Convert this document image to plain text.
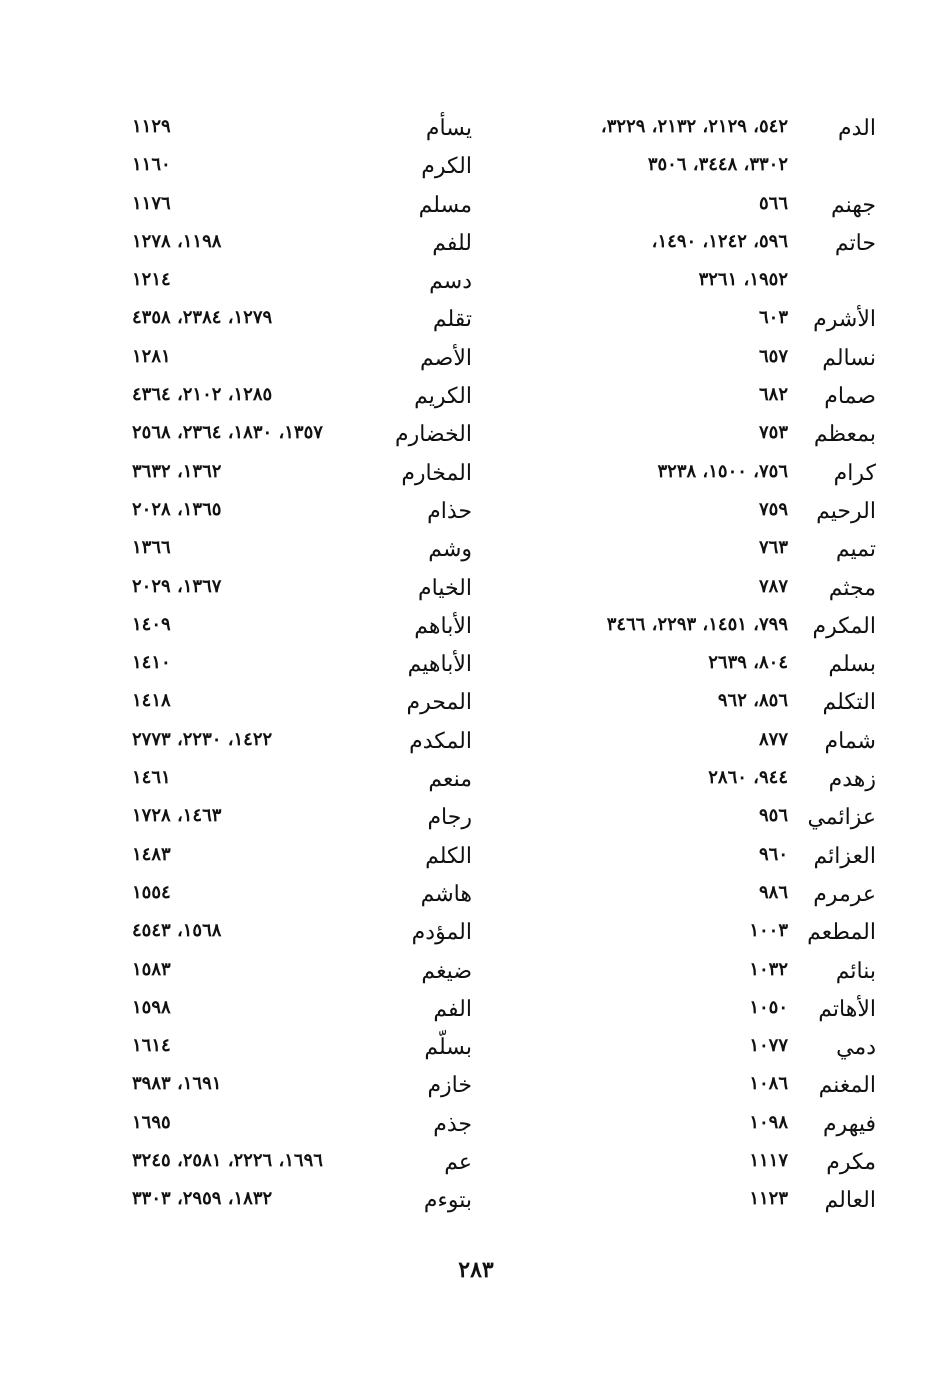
الدم
٥٤٢، ٢١٢٩، ٢١٣٢، ٣٢٢٩،
يسأم
١١٢٩
٣٣٠٢، ٣٤٤٨، ٣٥٠٦
الكرم
١١٦٠
جهنم
٥٦٦
مسلم
١١٧٦
حاتم
٥٩٦، ١٢٤٢، ١٤٩٠،
للفم
١١٩٨، ١٢٧٨
١٩٥٢، ٣٢٦١
دسم
١٢١٤
الأشرم
٦٠٣
تقلم
١٢٧٩، ٢٣٨٤، ٤٣٥٨
نسالم
٦٥٧
الأصم
١٢٨١
صمام
٦٨٢
الكريم
١٢٨٥، ٢١٠٢، ٤٣٦٤
بمعظم
٧٥٣
الخضارم
١٣٥٧، ١٨٣٠، ٢٣٦٤، ٢٥٦٨
كرام
٧٥٦، ١٥٠٠، ٣٢٣٨
المخارم
١٣٦٢، ٣٦٣٢
الرحيم
٧٥٩
حذام
١٣٦٥، ٢٠٢٨
تميم
٧٦٣
وشم
١٣٦٦
مجثم
٧٨٧
الخيام
١٣٦٧، ٢٠٢٩
المكرم
٧٩٩، ١٤٥١، ٢٢٩٣، ٣٤٦٦
الأباهم
١٤٠٩
بسلم
٨٠٤، ٢٦٣٩
الأباهيم
١٤١٠
التكلم
٨٥٦، ٩٦٢
المحرم
١٤١٨
شمام
٨٧٧
المكدم
١٤٢٢، ٢٢٣٠، ٢٧٧٣
زهدم
٩٤٤، ٢٨٦٠
منعم
١٤٦١
عزائمي
٩٥٦
رجام
١٤٦٣، ١٧٢٨
العزائم
٩٦٠
الكلم
١٤٨٣
عرمرم
٩٨٦
هاشم
١٥٥٤
المطعم
١٠٠٣
المؤدم
١٥٦٨، ٤٥٤٣
بنائم
١٠٣٢
ضيغم
١٥٨٣
الأهاتم
١٠٥٠
الفم
١٥٩٨
دمي
١٠٧٧
بسلّم
١٦١٤
المغنم
١٠٨٦
خازم
١٦٩١، ٣٩٨٣
فيهرم
١٠٩٨
جذم
١٦٩٥
مكرم
١١١٧
عم
١٦٩٦، ٢٢٢٦، ٢٥٨١، ٣٢٤٥
العالم
١١٢٣
بتوءم
١٨٣٢، ٢٩٥٩، ٣٣٠٣
٢٨٣
